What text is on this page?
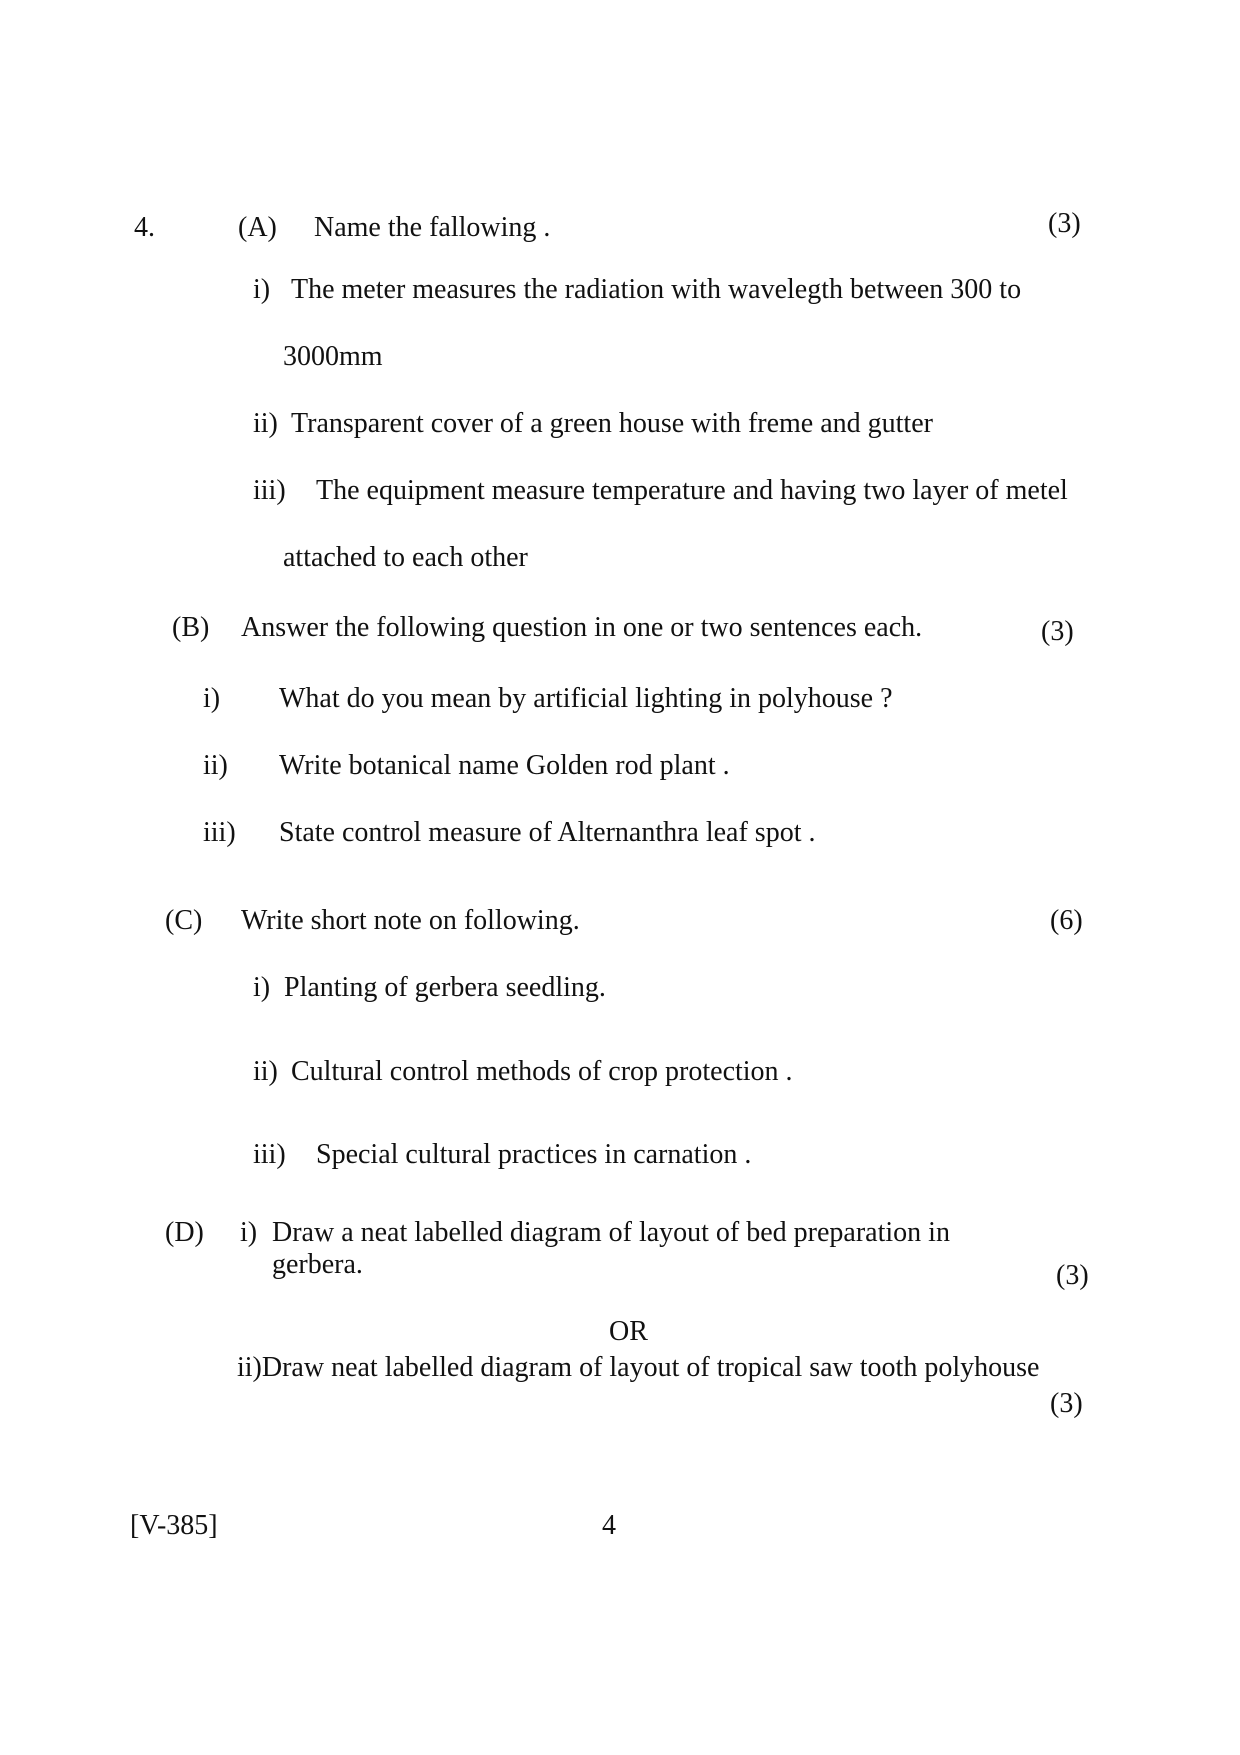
4.	(A) Name the fallowing .	(3)
i) The meter measures the radiation with wavelegth between 300 to
3000mm
ii) Transparent cover of a green house with freme and gutter
iii) The equipment measure temperature and having two layer of metel
attached to each other
(B) Answer the following question in one or two sentences each.	(3)
i) What do you mean by artificial lighting in polyhouse ?
ii) Write botanical name Golden rod plant .
iii) State control measure of Alternanthra leaf spot .
(C) Write short note on following.	(6)
i) Planting of gerbera seedling.
ii) Cultural control methods of crop protection .
iii) Special cultural practices in carnation .
(D) i) Draw a neat labelled diagram of layout of bed preparation in
gerbera.	(3)
OR
ii)Draw neat labelled diagram of layout of tropical saw tooth polyhouse
(3)
[V-385]	4
